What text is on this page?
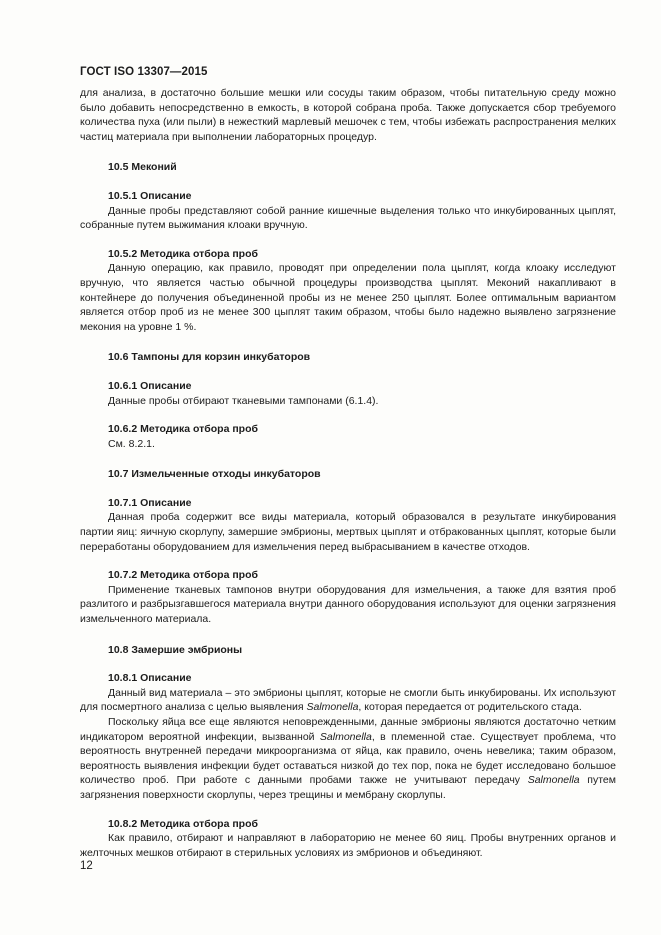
ГОСТ ISO 13307—2015

для анализа, в достаточно большие мешки или сосуды таким образом, чтобы питательную среду можно было добавить непосредственно в емкость, в которой собрана проба. Также допускается сбор требуемого количества пуха (или пыли) в нежесткий марлевый мешочек с тем, чтобы избежать распространения мелких частиц материала при выполнении лабораторных процедур.

10.5 Меконий
10.5.1 Описание

Данные пробы представляют собой ранние кишечные выделения только что инкубированных цыплят, собранные путем выжимания клоаки вручную.

10.5.2 Методика отбора проб

Данную операцию, как правило, проводят при определении пола цыплят, когда клоаку исследуют вручную, что является частью обычной процедуры производства цыплят. Меконий накапливают в контейнере до получения объединенной пробы из не менее 250 цыплят. Более оптимальным вариантом является отбор проб из не менее 300 цыплят таким образом, чтобы было надежно выявлено загрязнение мекония на уровне 1 %.

10.6 Тампоны для корзин инкубаторов
10.6.1 Описание

Данные пробы отбирают тканевыми тампонами (6.1.4).

10.6.2 Методика отбора проб

См. 8.2.1.

10.7 Измельченные отходы инкубаторов
10.7.1 Описание

Данная проба содержит все виды материала, который образовался в результате инкубирования партии яиц: яичную скорлупу, замершие эмбрионы, мертвых цыплят и отбракованных цыплят, которые были переработаны оборудованием для измельчения перед выбрасыванием в качестве отходов.

10.7.2 Методика отбора проб

Применение тканевых тампонов внутри оборудования для измельчения, а также для взятия проб разлитого и разбрызгавшегося материала внутри данного оборудования используют для оценки загрязнения измельченного материала.

10.8 Замершие эмбрионы
10.8.1 Описание

Данный вид материала – это эмбрионы цыплят, которые не смогли быть инкубированы. Их используют для посмертного анализа с целью выявления Salmonella, которая передается от родительского стада.

Поскольку яйца все еще являются неповрежденными, данные эмбрионы являются достаточно четким индикатором вероятной инфекции, вызванной Salmonella, в племенной стае. Существует проблема, что вероятность внутренней передачи микроорганизма от яйца, как правило, очень невелика; таким образом, вероятность выявления инфекции будет оставаться низкой до тех пор, пока не будет исследовано большое количество проб. При работе с данными пробами также не учитывают передачу Salmonella путем загрязнения поверхности скорлупы, через трещины и мембрану скорлупы.

10.8.2 Методика отбора проб

Как правило, отбирают и направляют в лабораторию не менее 60 яиц. Пробы внутренних органов и желточных мешков отбирают в стерильных условиях из эмбрионов и объединяют.

12
